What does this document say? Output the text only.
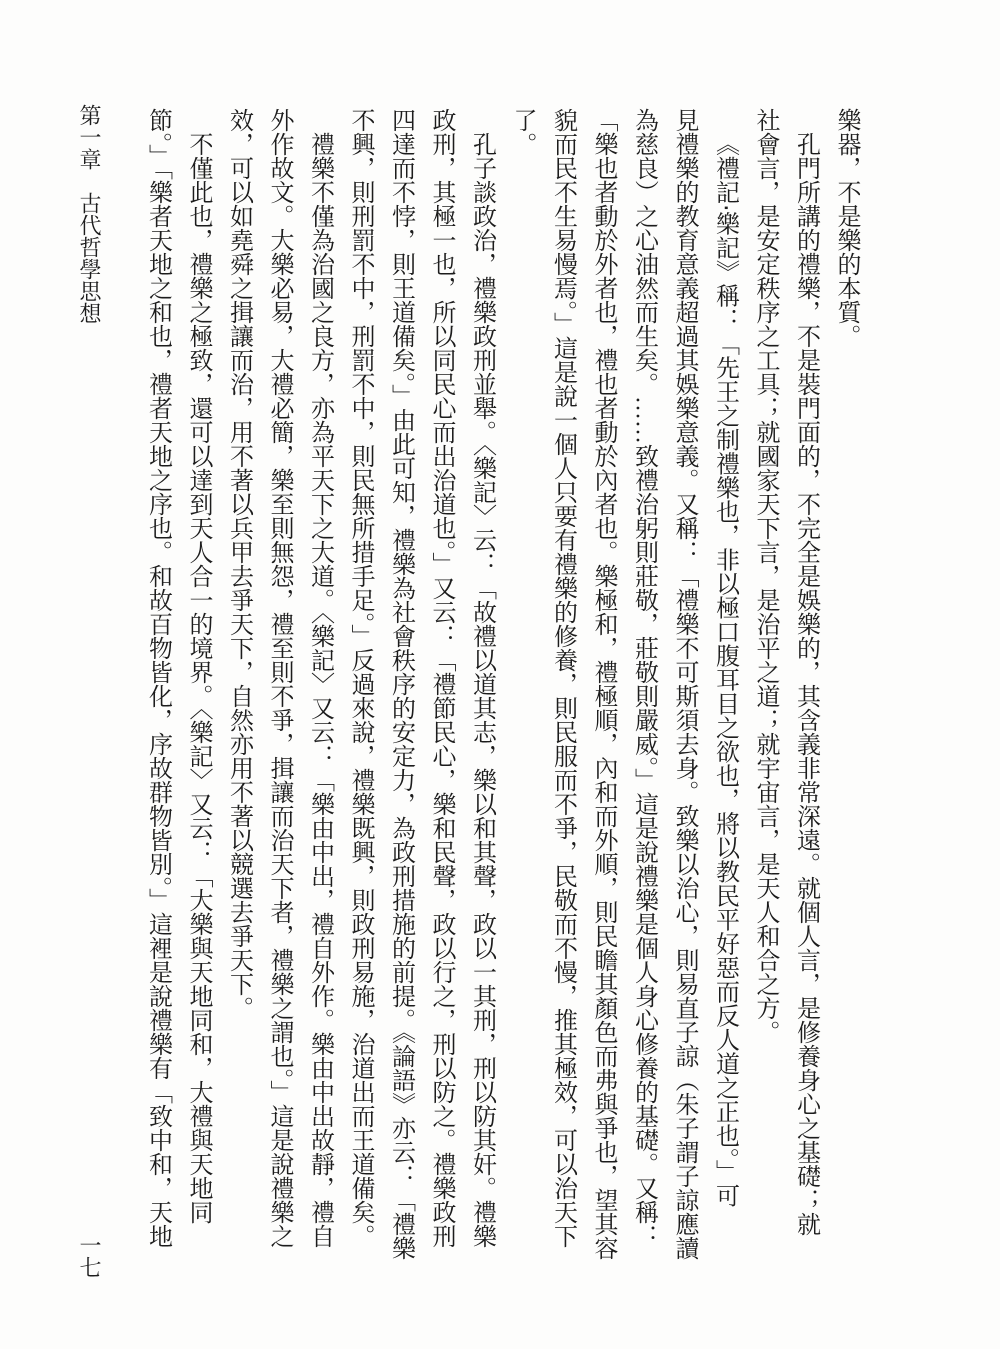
第一章　古代哲學思想	樂器，不是樂的本質。

孔門所講的禮樂，不是裝門面的，不完全是娛樂的，其含義非常深遠。就個人言，是修養身心之基礎；就

社會言，是安定秩序之工具；就國家天下言，是治平之道；就宇宙言，是天人和合之方。

《禮記‧樂記》稱：「先王之制禮樂也，非以極口腹耳目之欲也，將以教民平好惡而反人道之正也。」可

見禮樂的教育意義超過其娛樂意義。又稱：「禮樂不可斯須去身。致樂以治心，則易直子諒（朱子謂子諒應讀

為慈良）之心油然而生矣。……致禮治躬則莊敬，莊敬則嚴威。」這是說禮樂是個人身心修養的基礎。又稱：

「樂也者動於外者也，禮也者動於內者也。樂極和，禮極順，內和而外順，則民瞻其顏色而弗與爭也，望其容

貌而民不生易慢焉。」這是說一個人只要有禮樂的修養，則民服而不爭，民敬而不慢，推其極效，可以治天下

了。

孔子談政治，禮樂政刑並舉。〈樂記〉云：「故禮以道其志，樂以和其聲，政以一其刑，刑以防其奸。禮樂

政刑，其極一也，所以同民心而出治道也。」又云：「禮節民心，樂和民聲，政以行之，刑以防之。禮樂政刑

四達而不悖，則王道備矣。」由此可知，禮樂為社會秩序的安定力，為政刑措施的前提。《論語》亦云：「禮樂

不興，則刑罰不中，刑罰不中，則民無所措手足。」反過來說，禮樂既興，則政刑易施，治道出而王道備矣。

禮樂不僅為治國之良方，亦為平天下之大道。〈樂記〉又云：「樂由中出，禮自外作。樂由中出故靜，禮自

外作故文。大樂必易，大禮必簡，樂至則無怨，禮至則不爭，揖讓而治天下者，禮樂之謂也。」這是說禮樂之

效，可以如堯舜之揖讓而治，用不著以兵甲去爭天下，自然亦用不著以競選去爭天下。

不僅此也，禮樂之極致，還可以達到天人合一的境界。〈樂記〉又云：「大樂與天地同和，大禮與天地同

節。」「樂者天地之和也，禮者天地之序也。和故百物皆化，序故群物皆別。」這裡是說禮樂有「致中和，天地

一七
